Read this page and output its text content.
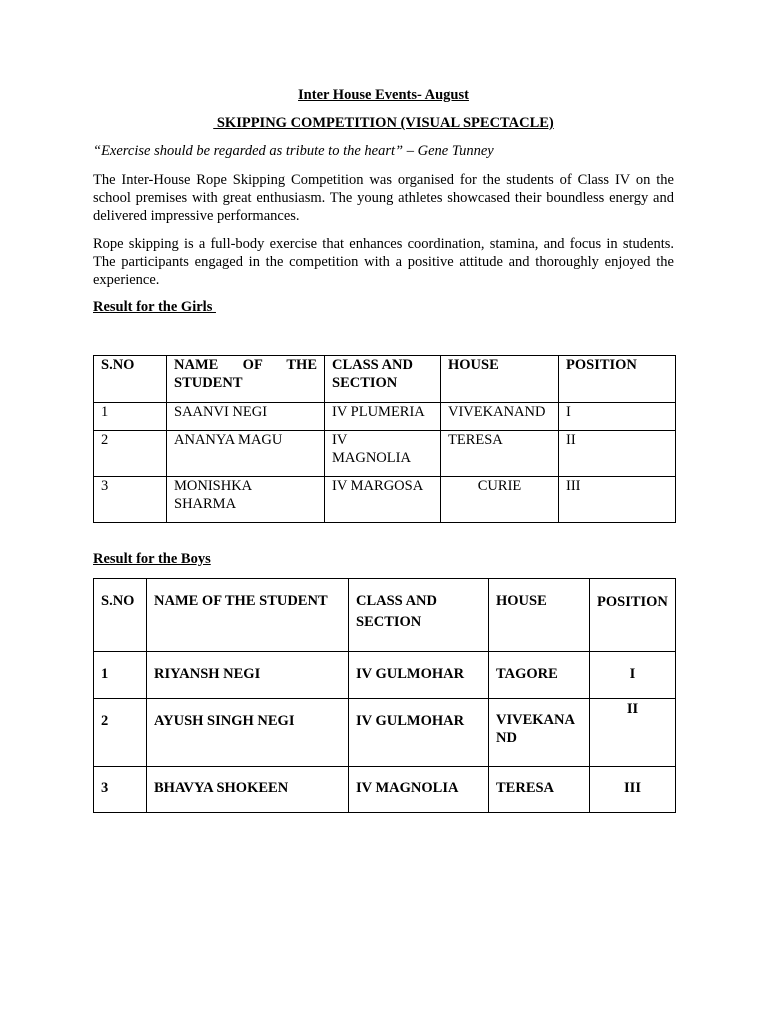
Inter House Events- August
SKIPPING COMPETITION (VISUAL SPECTACLE)
“Exercise should be regarded as tribute to the heart” – Gene Tunney
The Inter-House Rope Skipping Competition was organised for the students of Class IV on the school premises with great enthusiasm. The young athletes showcased their boundless energy and delivered impressive performances.
Rope skipping is a full-body exercise that enhances coordination, stamina, and focus in students. The participants engaged in the competition with a positive attitude and thoroughly enjoyed the experience.
Result for the Girls
S.NO	NAME OF THE STUDENT	CLASS AND SECTION	HOUSE	POSITION
1	SAANVI NEGI	IV PLUMERIA	VIVEKANAND	I
2	ANANYA MAGU	IV MAGNOLIA	TERESA	II
3	MONISHKA SHARMA	IV MARGOSA	CURIE	III
Result for the Boys
S.NO	NAME OF THE STUDENT	CLASS AND SECTION	HOUSE	POSITION
1	RIYANSH NEGI	IV GULMOHAR	TAGORE	I
2	AYUSH SINGH NEGI	IV GULMOHAR	VIVEKANAND	II
3	BHAVYA SHOKEEN	IV MAGNOLIA	TERESA	III
